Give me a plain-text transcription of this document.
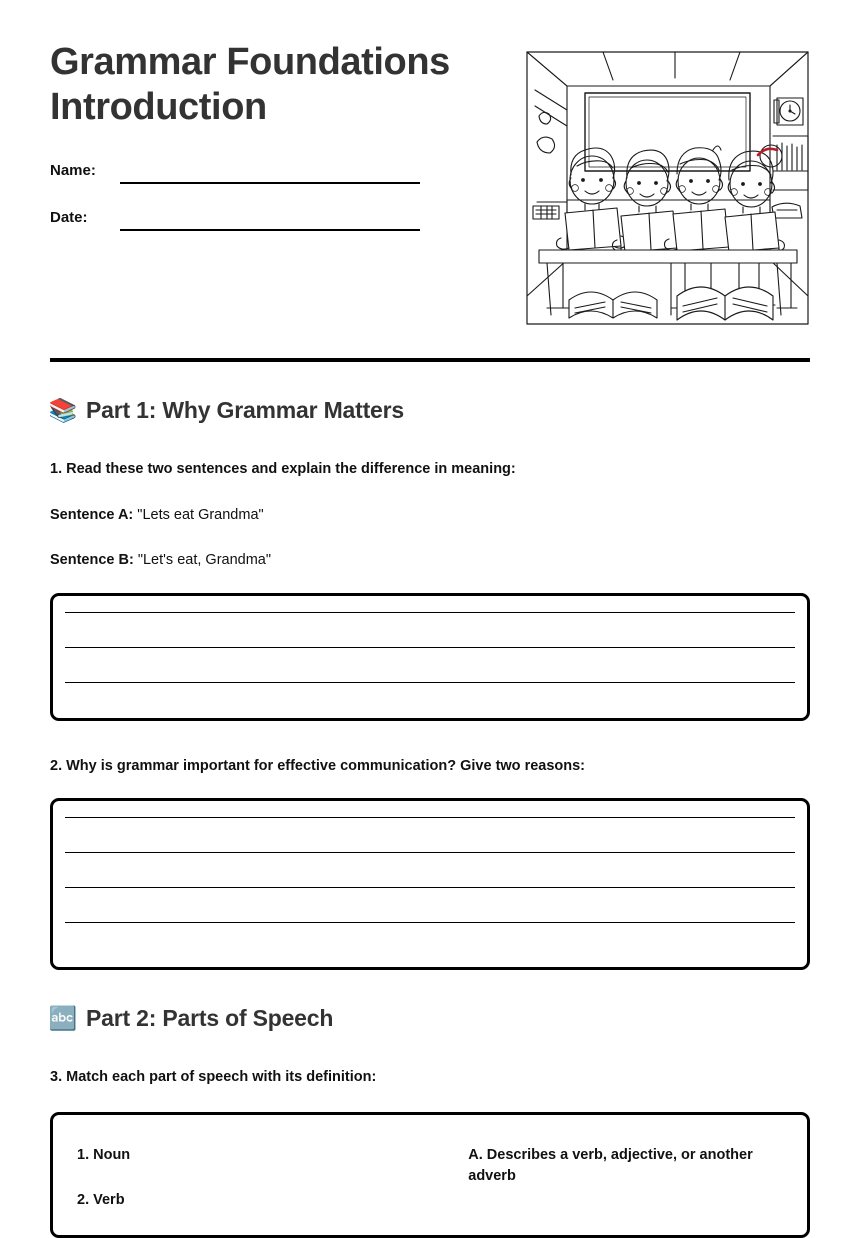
Grammar Foundations Introduction
Name:
Date:
📚 Part 1: Why Grammar Matters
1. Read these two sentences and explain the difference in meaning:
Sentence A: "Lets eat Grandma"
Sentence B: "Let's eat, Grandma"
2. Why is grammar important for effective communication? Give two reasons:
🔤 Part 2: Parts of Speech
3. Match each part of speech with its definition:
1. Noun
2. Verb
A. Describes a verb, adjective, or another adverb
